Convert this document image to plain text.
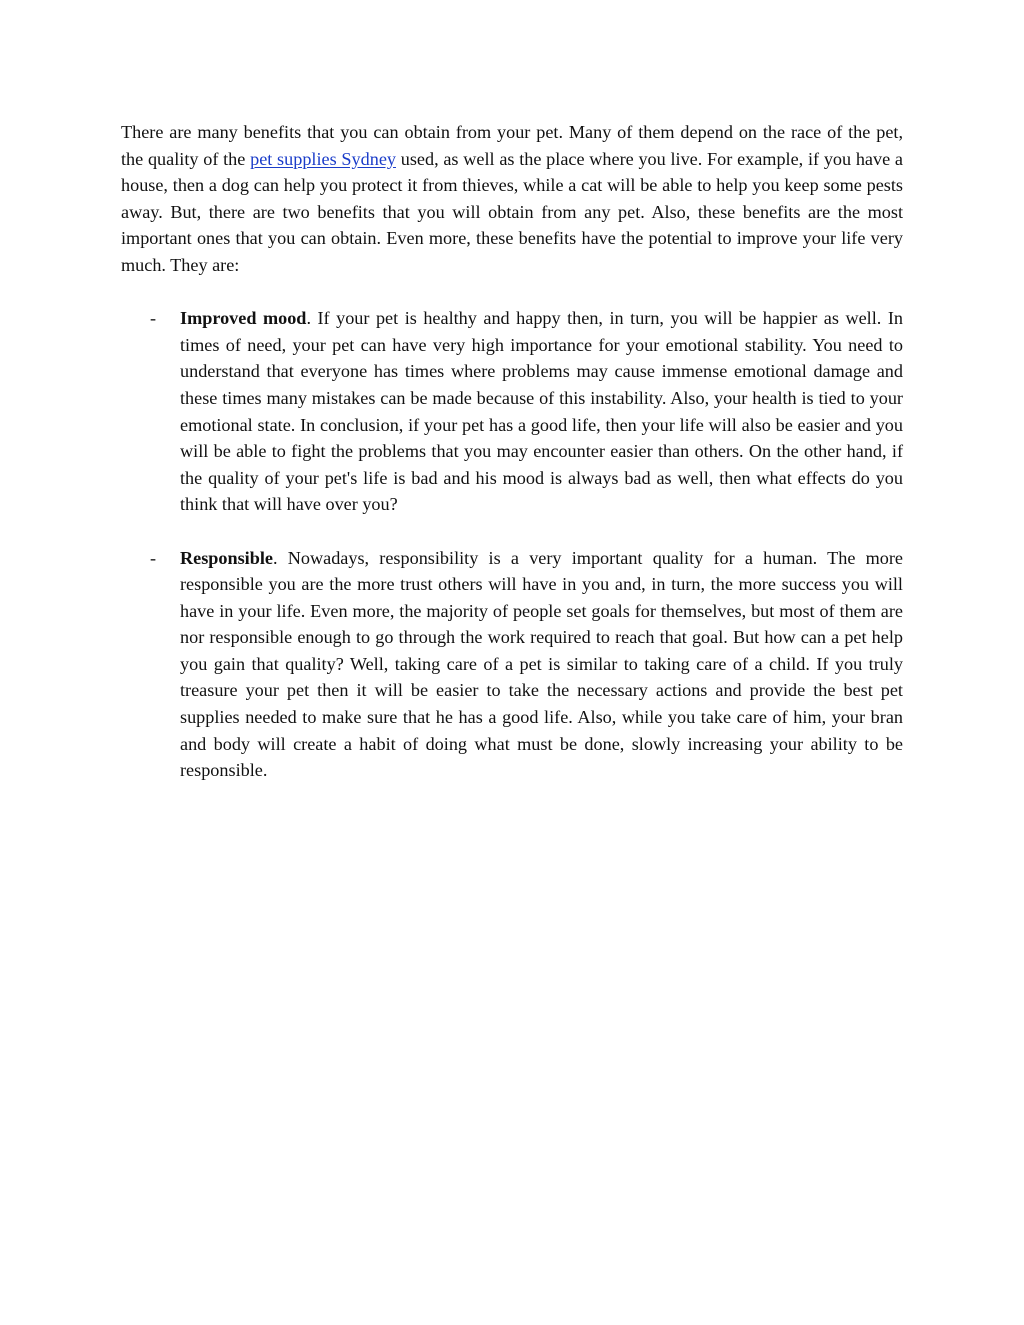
There are many benefits that you can obtain from your pet. Many of them depend on the race of the pet, the quality of the pet supplies Sydney used, as well as the place where you live. For example, if you have a house, then a dog can help you protect it from thieves, while a cat will be able to help you keep some pests away. But, there are two benefits that you will obtain from any pet. Also, these benefits are the most important ones that you can obtain. Even more, these benefits have the potential to improve your life very much. They are:

- Improved mood. If your pet is healthy and happy then, in turn, you will be happier as well. In times of need, your pet can have very high importance for your emotional stability. You need to understand that everyone has times where problems may cause immense emotional damage and these times many mistakes can be made because of this instability. Also, your health is tied to your emotional state. In conclusion, if your pet has a good life, then your life will also be easier and you will be able to fight the problems that you may encounter easier than others. On the other hand, if the quality of your pet's life is bad and his mood is always bad as well, then what effects do you think that will have over you?
- Responsible. Nowadays, responsibility is a very important quality for a human. The more responsible you are the more trust others will have in you and, in turn, the more success you will have in your life. Even more, the majority of people set goals for themselves, but most of them are nor responsible enough to go through the work required to reach that goal. But how can a pet help you gain that quality? Well, taking care of a pet is similar to taking care of a child. If you truly treasure your pet then it will be easier to take the necessary actions and provide the best pet supplies needed to make sure that he has a good life. Also, while you take care of him, your bran and body will create a habit of doing what must be done, slowly increasing your ability to be responsible.
